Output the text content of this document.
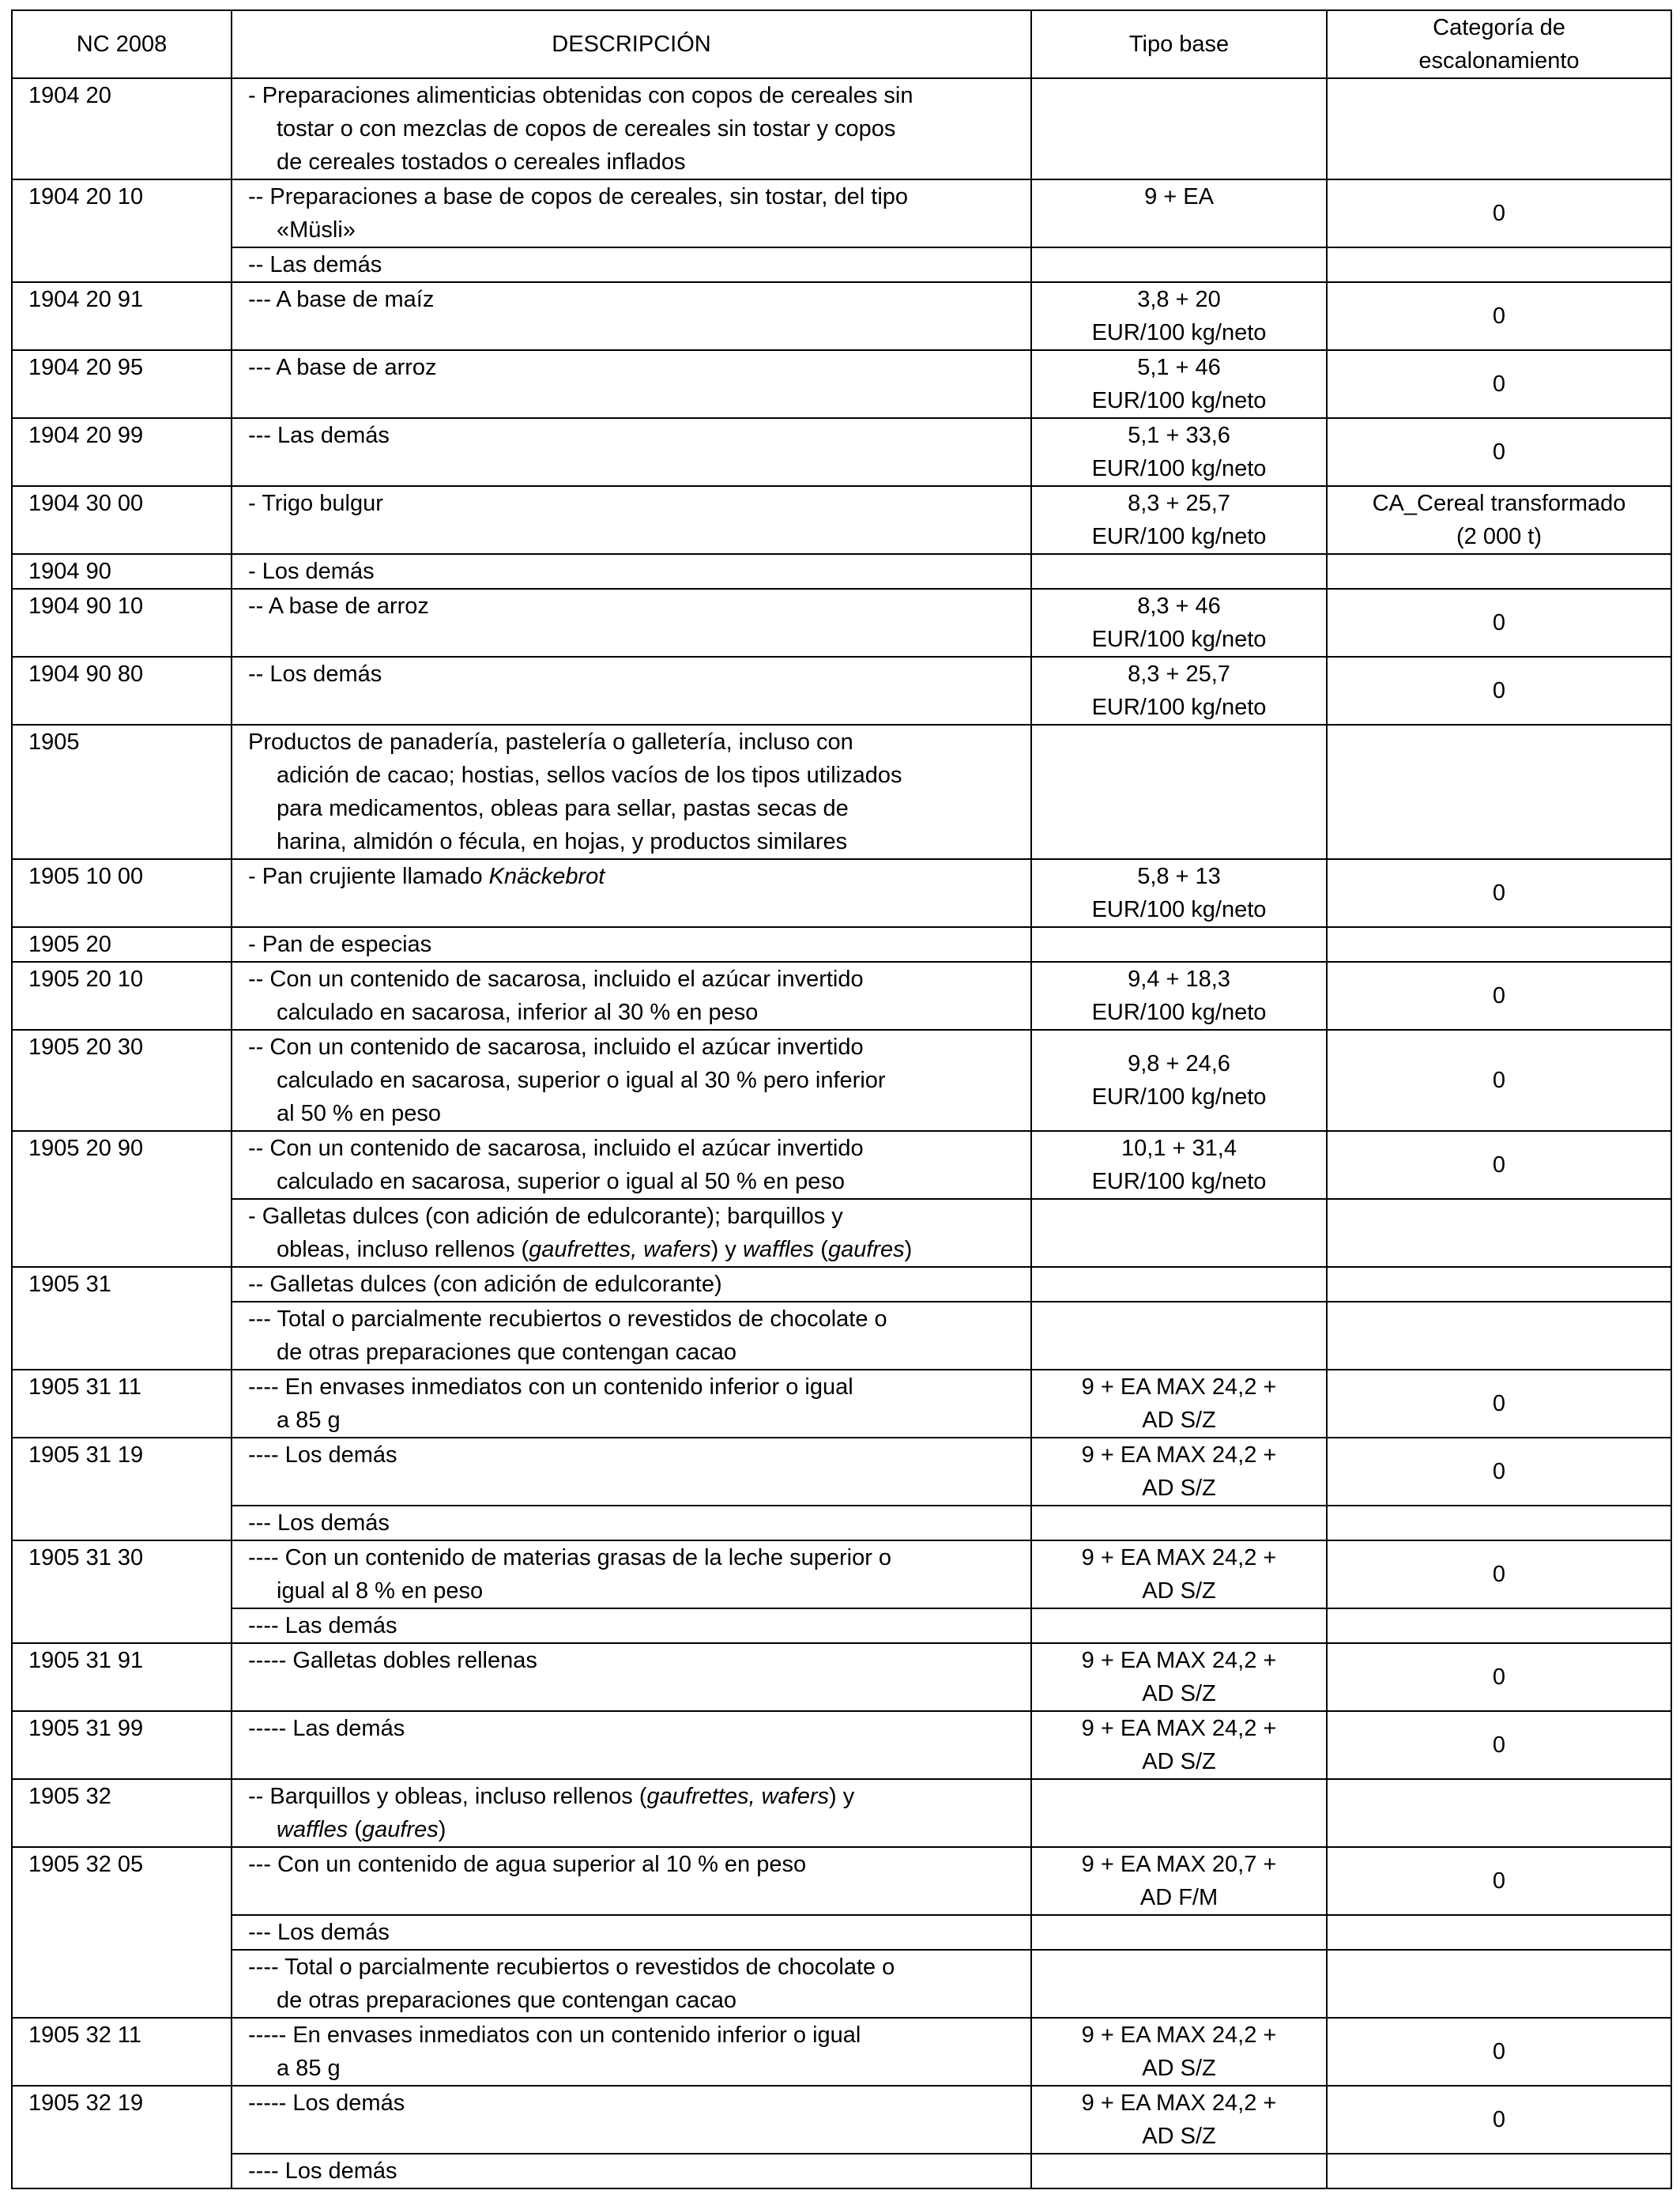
NC 2008	DESCRIPCIÓN	Tipo base	Categoría de
escalonamiento

1904 20	- Preparaciones alimenticias obtenidas con copos de cereales sin
tostar o con mezclas de copos de cereales sin tostar y copos
de cereales tostados o cereales inflados		

1904 20 10	-- Preparaciones a base de copos de cereales, sin tostar, del tipo
«Müsli»	9 + EA	0

	-- Las demás		

1904 20 91	--- A base de maíz	3,8 + 20
EUR/100 kg/neto	0
1904 20 95	--- A base de arroz	5,1 + 46
EUR/100 kg/neto	0
1904 20 99	--- Las demás	5,1 + 33,6
EUR/100 kg/neto	0
1904 30 00	- Trigo bulgur	8,3 + 25,7
EUR/100 kg/neto	CA_Cereal transformado
(2 000 t)

1904 90	- Los demás		

1904 90 10	-- A base de arroz	8,3 + 46
EUR/100 kg/neto	0
1904 90 80	-- Los demás	8,3 + 25,7
EUR/100 kg/neto	0
1905	Productos de panadería, pastelería o galletería, incluso con
adición de cacao; hostias, sellos vacíos de los tipos utilizados
para medicamentos, obleas para sellar, pastas secas de
harina, almidón o fécula, en hojas, y productos similares		

1905 10 00	- Pan crujiente llamado Knäckebrot	5,8 + 13
EUR/100 kg/neto	0
1905 20	- Pan de especias		

1905 20 10	-- Con un contenido de sacarosa, incluido el azúcar invertido
calculado en sacarosa, inferior al 30 % en peso	9,4 + 18,3
EUR/100 kg/neto	0
1905 20 30	-- Con un contenido de sacarosa, incluido el azúcar invertido
calculado en sacarosa, superior o igual al 30 % pero inferior
al 50 % en peso	9,8 + 24,6
EUR/100 kg/neto	0
1905 20 90	-- Con un contenido de sacarosa, incluido el azúcar invertido
calculado en sacarosa, superior o igual al 50 % en peso	10,1 + 31,4
EUR/100 kg/neto	0

	- Galletas dulces (con adición de edulcorante); barquillos y
obleas, incluso rellenos (gaufrettes, wafers) y waffles (gaufres)		

1905 31	-- Galletas dulces (con adición de edulcorante)		

	--- Total o parcialmente recubiertos o revestidos de chocolate o
de otras preparaciones que contengan cacao		

1905 31 11	---- En envases inmediatos con un contenido inferior o igual
a 85 g	9 + EA MAX 24,2 +
AD S/Z	0
1905 31 19	---- Los demás	9 + EA MAX 24,2 +
AD S/Z	0

	--- Los demás		

1905 31 30	---- Con un contenido de materias grasas de la leche superior o
igual al 8 % en peso	9 + EA MAX 24,2 +
AD S/Z	0

	---- Las demás		

1905 31 91	----- Galletas dobles rellenas	9 + EA MAX 24,2 +
AD S/Z	0
1905 31 99	----- Las demás	9 + EA MAX 24,2 +
AD S/Z	0
1905 32	-- Barquillos y obleas, incluso rellenos (gaufrettes, wafers) y
waffles (gaufres)		

1905 32 05	--- Con un contenido de agua superior al 10 % en peso	9 + EA MAX 20,7 +
AD F/M	0

	--- Los demás		

	---- Total o parcialmente recubiertos o revestidos de chocolate o
de otras preparaciones que contengan cacao		

1905 32 11	----- En envases inmediatos con un contenido inferior o igual
a 85 g	9 + EA MAX 24,2 +
AD S/Z	0
1905 32 19	----- Los demás	9 + EA MAX 24,2 +
AD S/Z	0

	---- Los demás		
